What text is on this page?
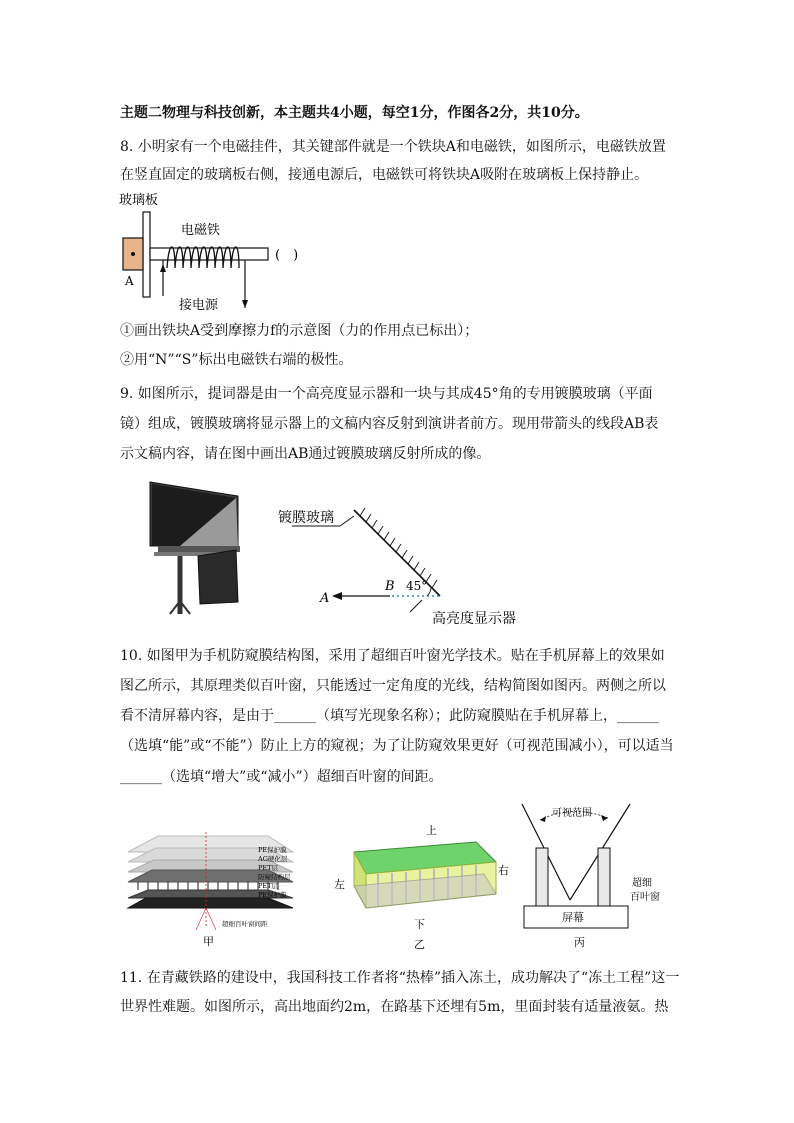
主题二物理与科技创新，本主题共4小题，每空1分，作图各2分，共10分。
8. 小明家有一个电磁挂件，其关键部件就是一个铁块A和电磁铁，如图所示，电磁铁放置
在竖直固定的玻璃板右侧，接通电源后，电磁铁可将铁块A吸附在玻璃板上保持静止。
玻璃板
A
电磁铁
接电源
(　)
①画出铁块A受到摩擦力f的示意图（力的作用点已标出）；
②用“N”“S”标出电磁铁右端的极性。
9. 如图所示，提词器是由一个高亮度显示器和一块与其成45°角的专用镀膜玻璃（平面
镜）组成，镀膜玻璃将显示器上的文稿内容反射到演讲者前方。现用带箭头的线段AB表
示文稿内容，请在图中画出AB通过镀膜玻璃反射所成的像。
镀膜玻璃
A
B 45°
高亮度显示器
10. 如图甲为手机防窥膜结构图，采用了超细百叶窗光学技术。贴在手机屏幕上的效果如
图乙所示，其原理类似百叶窗，只能透过一定角度的光线，结构简图如图丙。两侧之所以
看不清屏幕内容，是由于______（填写光现象名称）；此防窥膜贴在手机屏幕上，______
（选填“能”或“不能”）防止上方的窥视；为了让防窥效果更好（可视范围减小），可以适当
______（选填“增大”或“减小”）超细百叶窗的间距。
PE保护膜
AG硬化层
PET层
防窥结构层
PET层
PE保护膜
超细百叶窗间距
甲
上
左
右
下
乙
可视范围
屏幕
超细
百叶窗
丙
11. 在青藏铁路的建设中，我国科技工作者将“热棒”插入冻土，成功解决了“冻土工程”这一
世界性难题。如图所示，高出地面约2m，在路基下还埋有5m，里面封装有适量液氨。热
